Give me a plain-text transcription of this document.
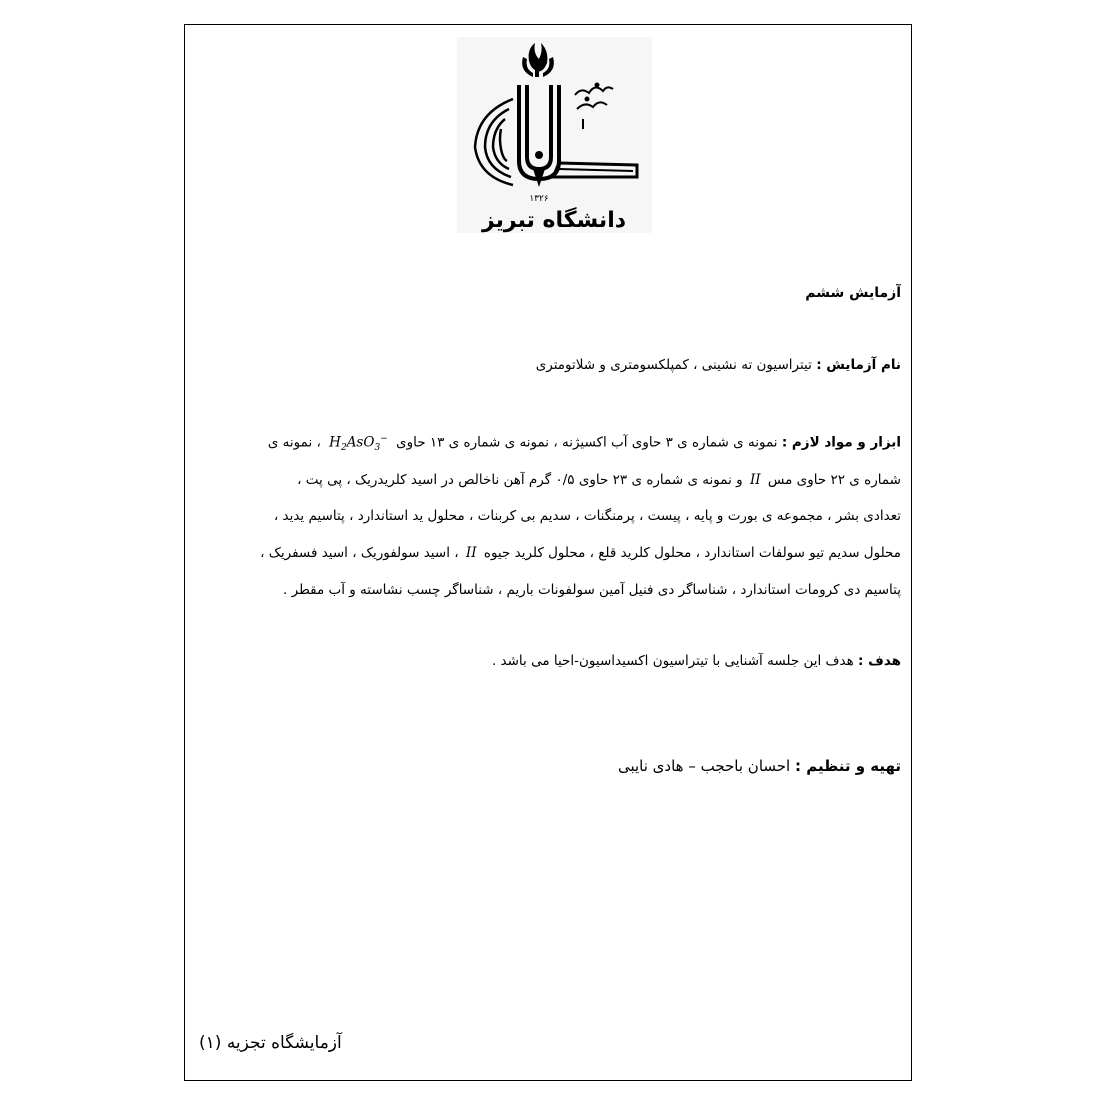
۱۳۲۶
دانشگاه تبریز
آزمایش ششم
نام آزمایش : تیتراسیون ته نشینی ، کمپلکسومتری و شلاتومتری
ابزار و مواد لازم : نمونه ی شماره ی ۳ حاوی آب اکسیژنه ، نمونه ی شماره ی ۱۳ حاوی $H_2AsO_3^-$ ، نمونه ی
شماره ی ۲۲ حاوی مس II و نمونه ی شماره ی ۲۳ حاوی ۰/۵ گرم آهن ناخالص در اسید کلریدریک ، پی پت ،
تعدادی بشر ، مجموعه ی بورت و پایه ، پیست ، پرمنگنات ، سدیم بی کربنات ، محلول ید استاندارد ، پتاسیم یدید ،
محلول سدیم تیو سولفات استاندارد ، محلول کلرید قلع ، محلول کلرید جیوه II ، اسید سولفوریک ، اسید فسفریک ،
پتاسیم دی کرومات استاندارد ، شناساگر دی فنیل آمین سولفونات باریم ، شناساگر چسب نشاسته و آب مقطر .
هدف : هدف این جلسه آشنایی با تیتراسیون اکسیداسیون-احیا می باشد .
تهیه و تنظیم : احسان باحجب – هادی نایبی
آزمایشگاه تجزیه (۱)
